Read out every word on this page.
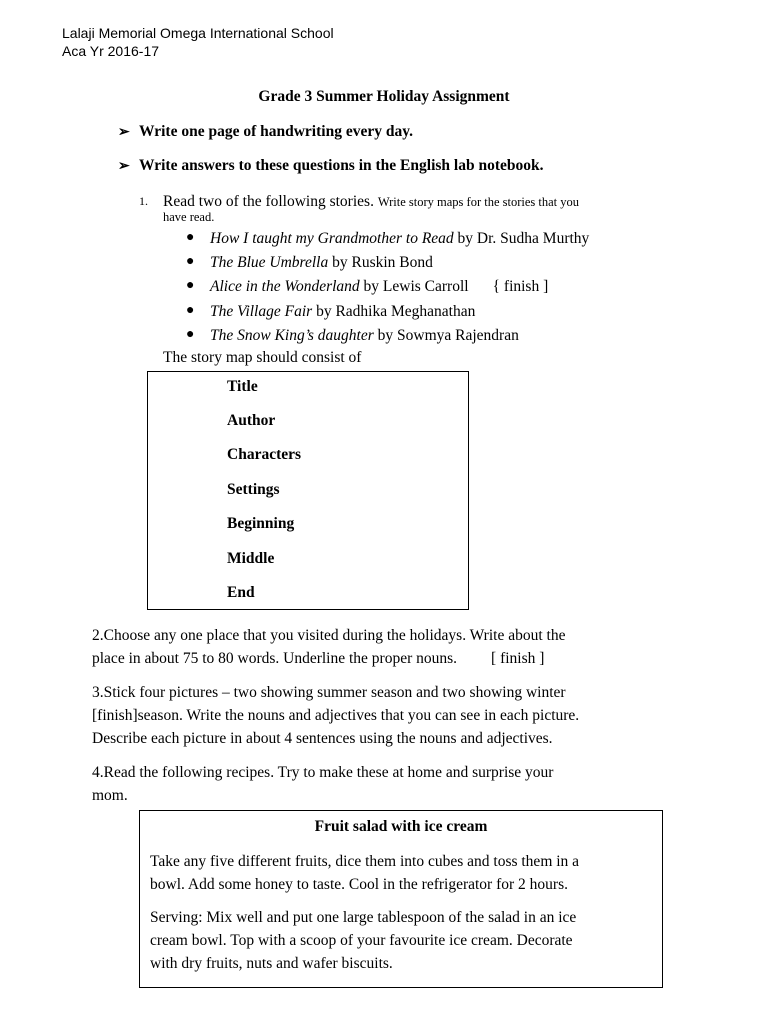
Lalaji Memorial Omega International School
Aca Yr 2016-17
Grade 3 Summer Holiday Assignment
➢ Write one page of handwriting every day.
➢ Write answers to these questions in the English lab notebook.
1. Read two of the following stories. Write story maps for the stories that you
have read.
● How I taught my Grandmother to Read by Dr. Sudha Murthy
● The Blue Umbrella by Ruskin Bond
● Alice in the Wonderland by Lewis Carroll { finish ]
● The Village Fair by Radhika Meghanathan
● The Snow King’s daughter by Sowmya Rajendran
The story map should consist of
Title
Author
Characters
Settings
Beginning
Middle
End
2.Choose any one place that you visited during the holidays. Write about the
place in about 75 to 80 words. Underline the proper nouns. [ finish ]
3.Stick four pictures – two showing summer season and two showing winter
[finish]season. Write the nouns and adjectives that you can see in each picture.
Describe each picture in about 4 sentences using the nouns and adjectives.
4.Read the following recipes. Try to make these at home and surprise your
mom.
Fruit salad with ice cream
Take any five different fruits, dice them into cubes and toss them in a
bowl. Add some honey to taste. Cool in the refrigerator for 2 hours.
Serving: Mix well and put one large tablespoon of the salad in an ice
cream bowl. Top with a scoop of your favourite ice cream. Decorate
with dry fruits, nuts and wafer biscuits.
